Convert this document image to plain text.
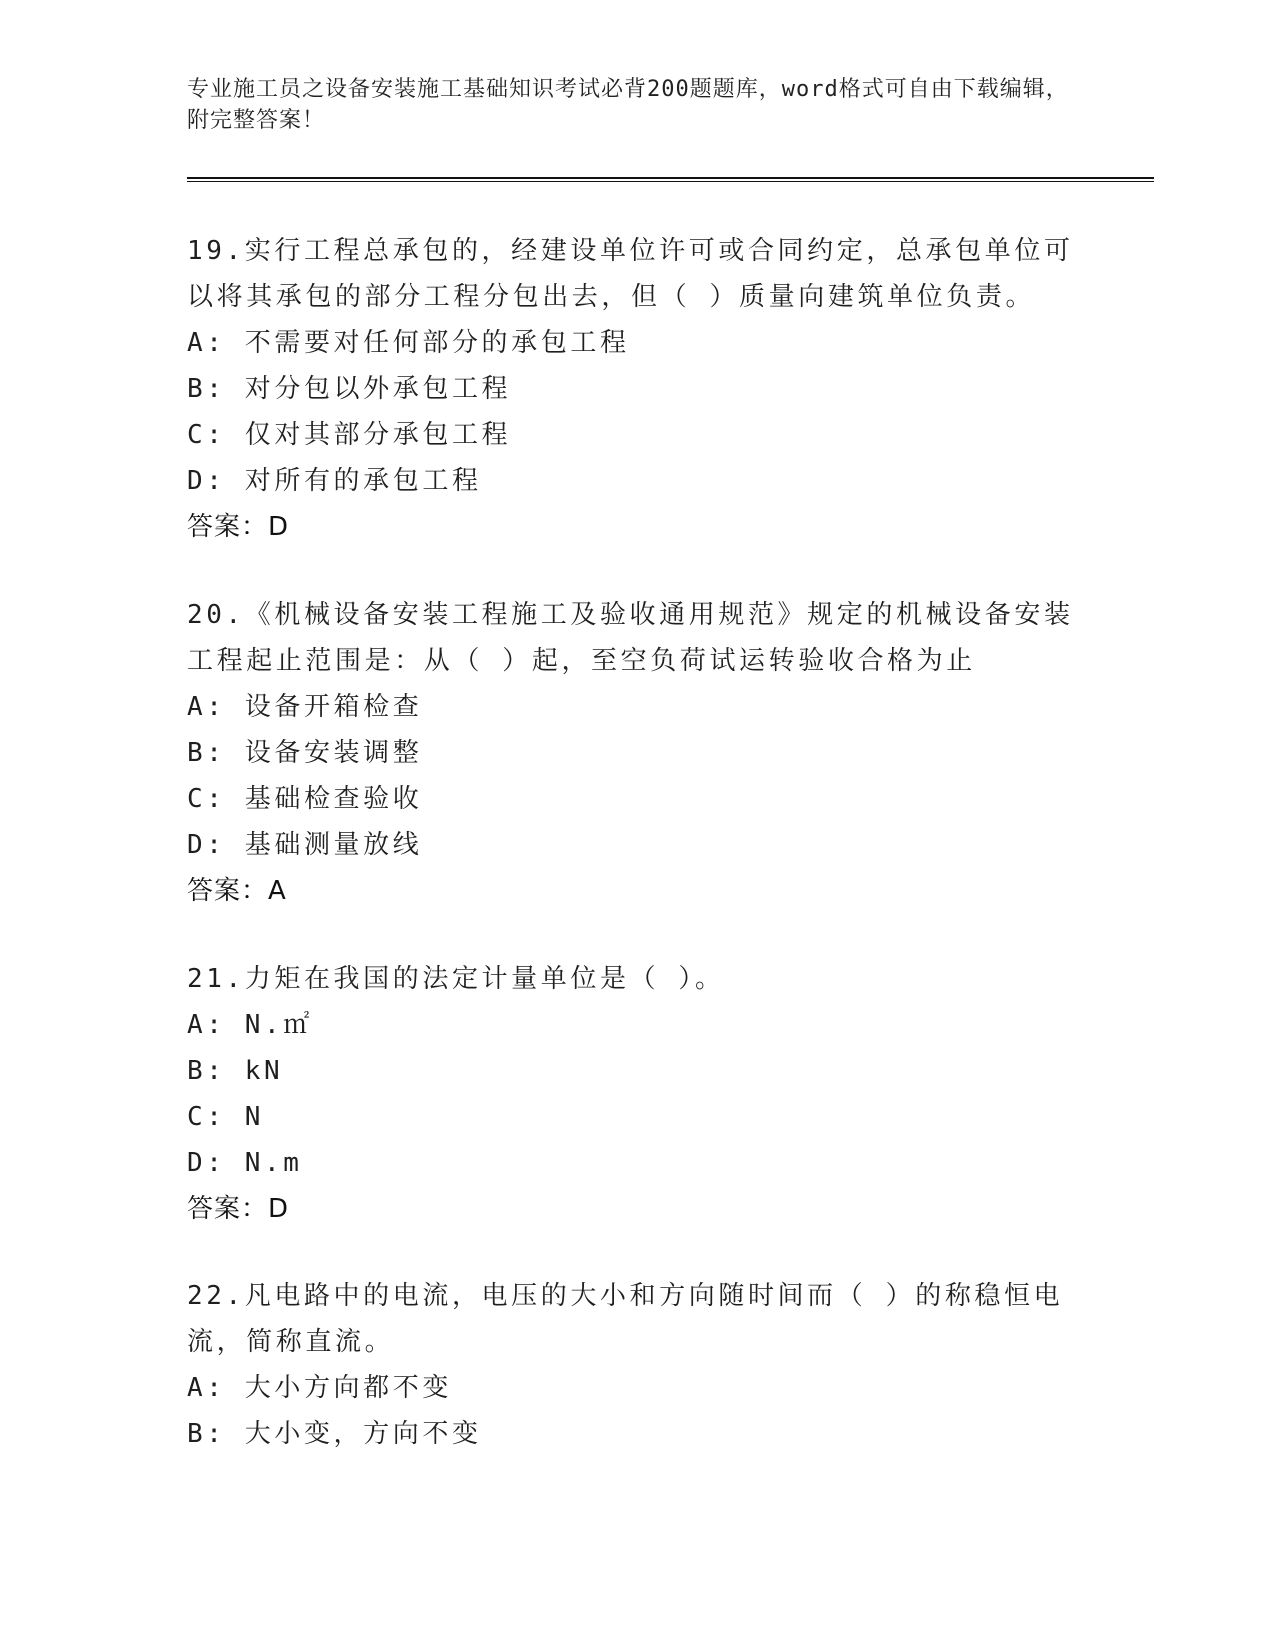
专业施工员之设备安装施工基础知识考试必背200题题库，word格式可自由下载编辑，附完整答案！

19.实行工程总承包的，经建设单位许可或合同约定，总承包单位可以将其承包的部分工程分包出去，但（ ）质量向建筑单位负责。

A: 不需要对任何部分的承包工程

B: 对分包以外承包工程

C: 仅对其部分承包工程

D: 对所有的承包工程

答案：D

20.《机械设备安装工程施工及验收通用规范》规定的机械设备安装工程起止范围是：从（ ）起，至空负荷试运转验收合格为止

A: 设备开箱检查

B: 设备安装调整

C: 基础检查验收

D: 基础测量放线

答案：A

21.力矩在我国的法定计量单位是（ ）。

A: N.㎡

B: kN

C: N

D: N.m

答案：D

22.凡电路中的电流，电压的大小和方向随时间而（ ）的称稳恒电流，简称直流。

A: 大小方向都不变

B: 大小变，方向不变
